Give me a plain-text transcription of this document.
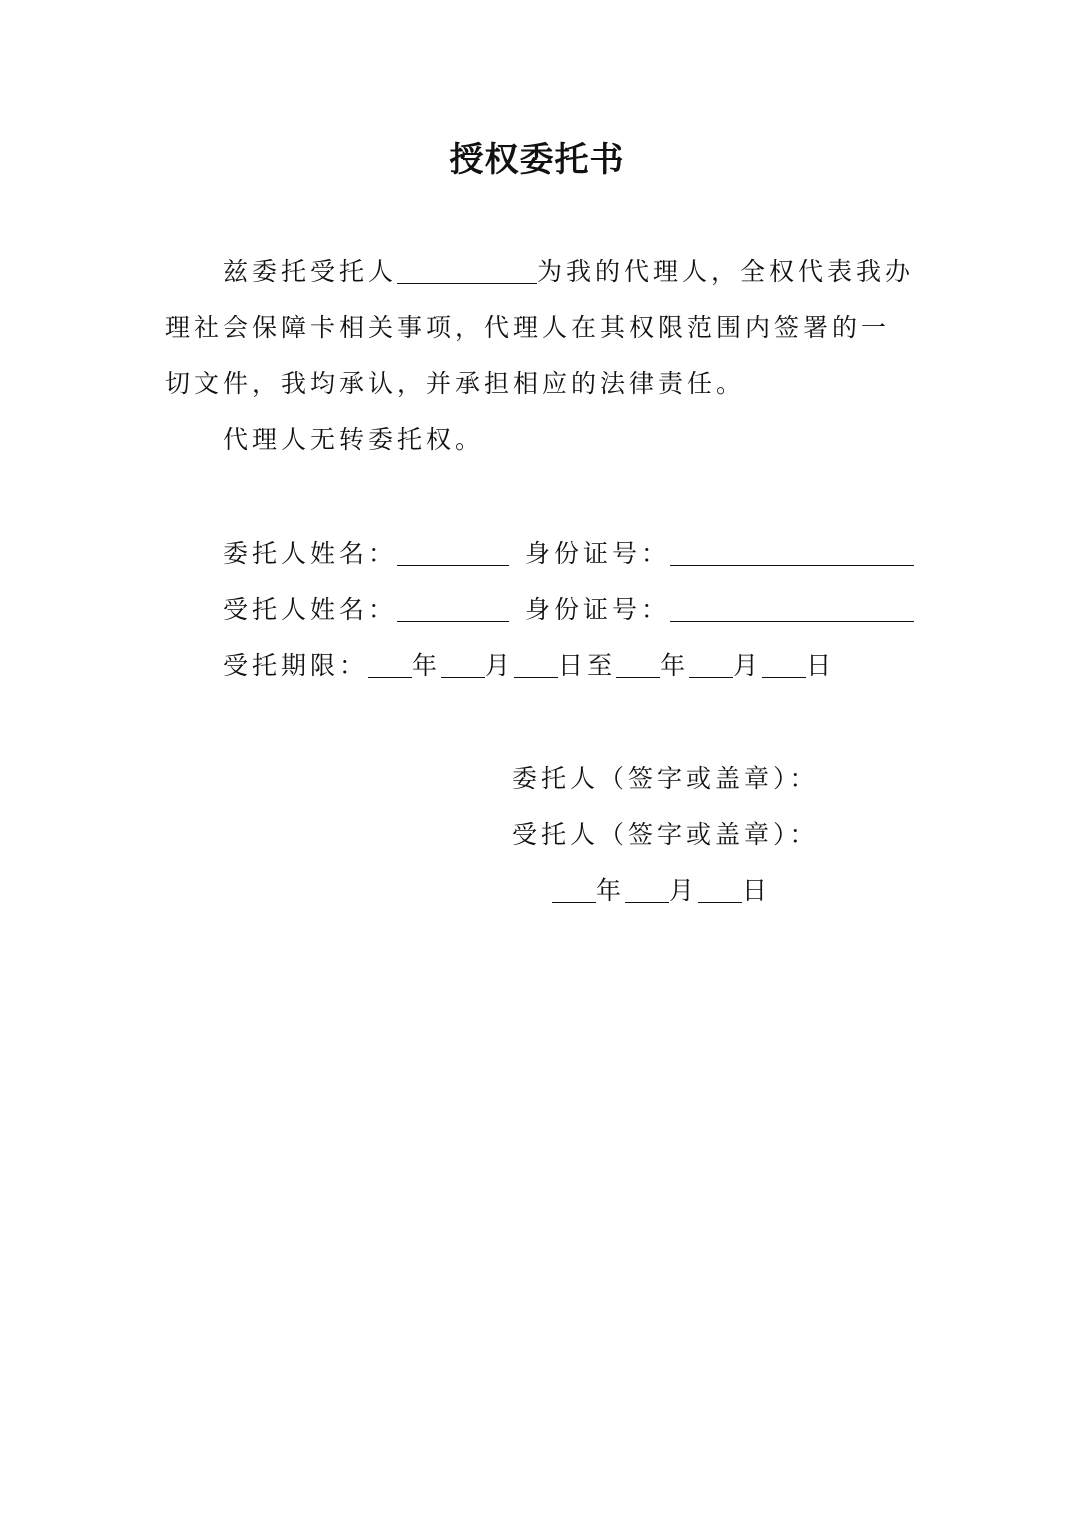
授权委托书
兹委托受托人	为我的代理人，全权代表我办理社会保障卡相关事项，代理人在其权限范围内签署的一切文件，我均承认，并承担相应的法律责任。
代理人无转委托权。
委托人姓名：	身份证号：
受托人姓名：	身份证号：
受托期限： 年 月 日至 年 月 日
委托人（签字或盖章）：
受托人（签字或盖章）：
年 月 日
